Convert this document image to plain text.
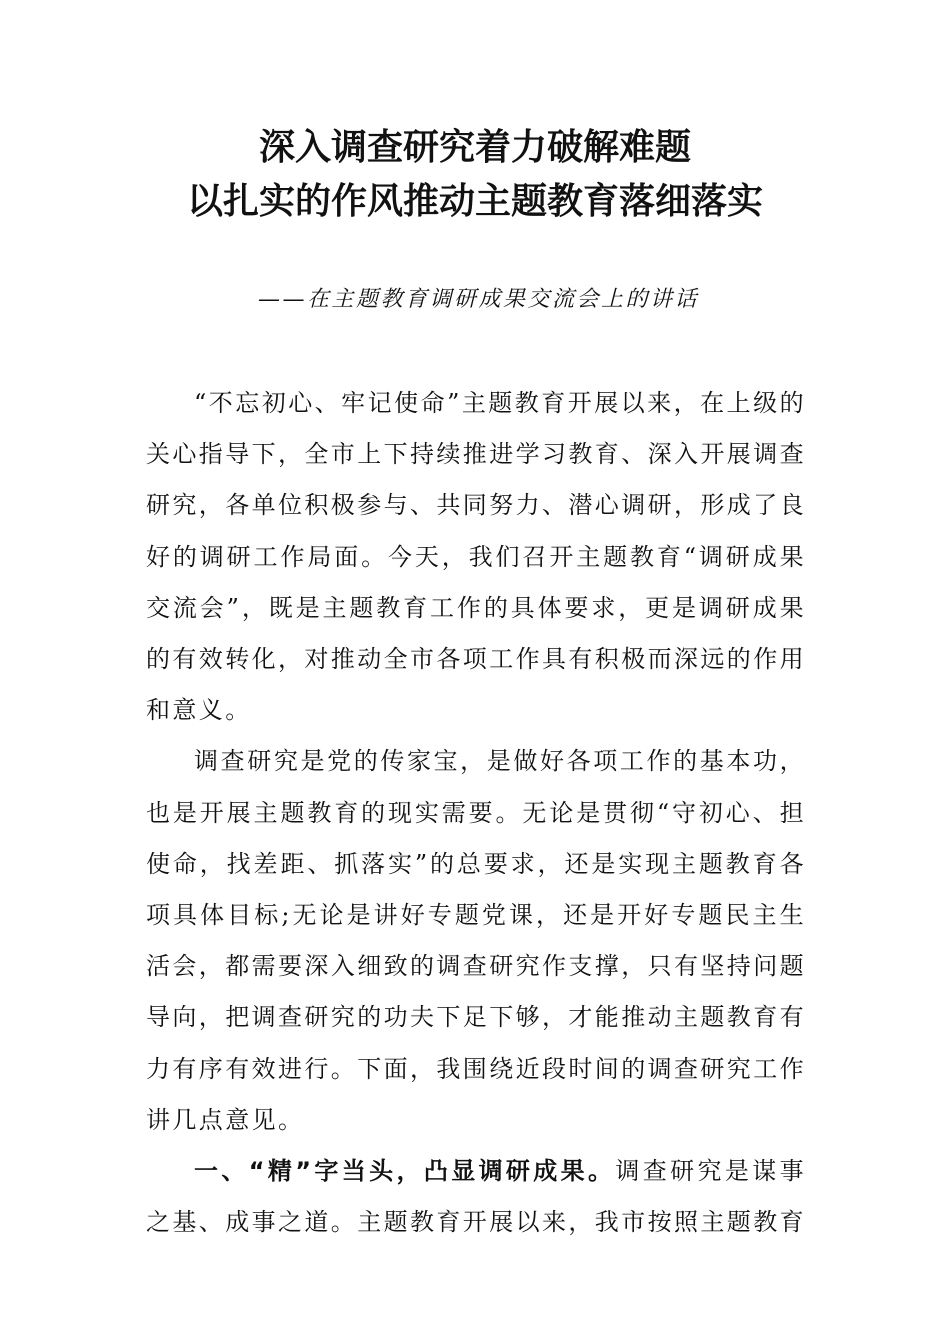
深入调查研究着力破解难题
以扎实的作风推动主题教育落细落实
——在主题教育调研成果交流会上的讲话

“不忘初心、牢记使命”主题教育开展以来，在上级的关心指导下，全市上下持续推进学习教育、深入开展调查研究，各单位积极参与、共同努力、潜心调研，形成了良好的调研工作局面。今天，我们召开主题教育“调研成果交流会”，既是主题教育工作的具体要求，更是调研成果的有效转化，对推动全市各项工作具有积极而深远的作用和意义。

调查研究是党的传家宝，是做好各项工作的基本功，也是开展主题教育的现实需要。无论是贯彻“守初心、担使命，找差距、抓落实”的总要求，还是实现主题教育各项具体目标;无论是讲好专题党课，还是开好专题民主生活会，都需要深入细致的调查研究作支撑，只有坚持问题导向，把调查研究的功夫下足下够，才能推动主题教育有力有序有效进行。下面，我围绕近段时间的调查研究工作讲几点意见。

一、“精”字当头，凸显调研成果。调查研究是谋事之基、成事之道。主题教育开展以来，我市按照主题教育
